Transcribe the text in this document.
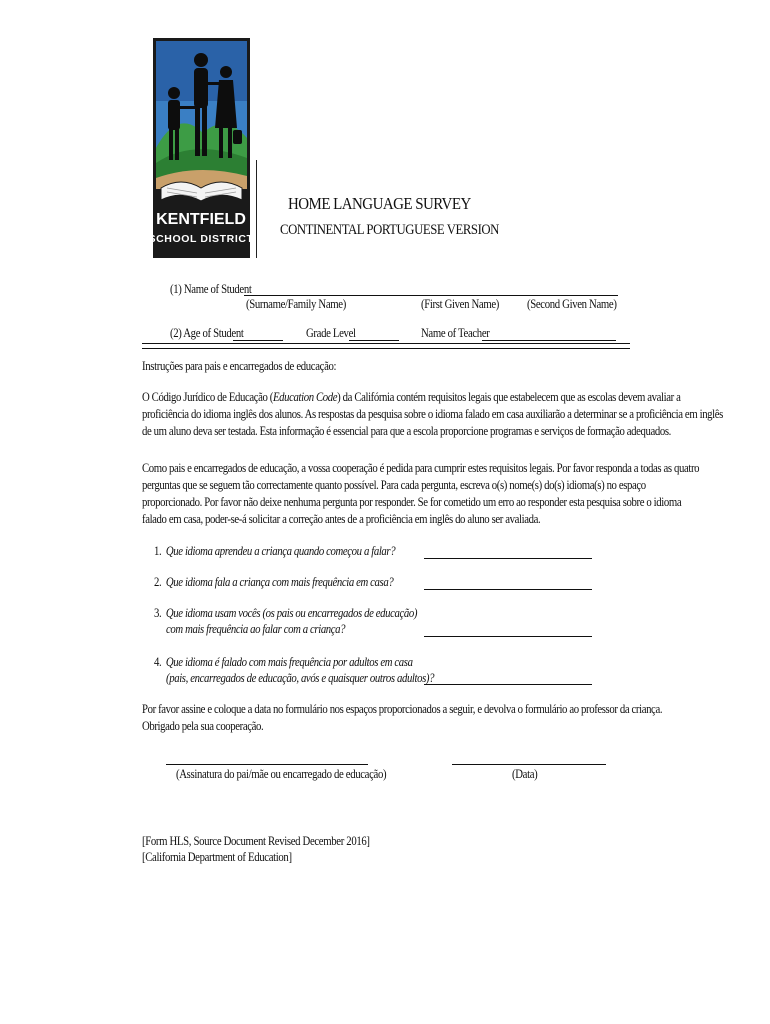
KENTFIELD
SCHOOL DISTRICT
HOME LANGUAGE SURVEY
CONTINENTAL PORTUGUESE VERSION
(1) Name of Student
(Surname/Family Name)	(First Given Name) (Second Given Name)
(2) Age of Student	Grade Level	Name of Teacher
Instruções para pais e encarregados de educação:
O Código Jurídico de Educação (Education Code) da Califórnia contém requisitos legais que estabelecem que as escolas devem avaliar a
proficiência do idioma inglês dos alunos. As respostas da pesquisa sobre o idioma falado em casa auxiliarão a determinar se a proficiência em inglês
de um aluno deva ser testada. Esta informação é essencial para que a escola proporcione programas e serviços de formação adequados.
Como pais e encarregados de educação, a vossa cooperação é pedida para cumprir estes requisitos legais. Por favor responda a todas as quatro
perguntas que se seguem tão correctamente quanto possível. Para cada pergunta, escreva o(s) nome(s) do(s) idioma(s) no espaço
proporcionado. Por favor não deixe nenhuma pergunta por responder. Se for cometido um erro ao responder esta pesquisa sobre o idioma
falado em casa, poder-se-á solicitar a correção antes de a proficiência em inglês do aluno ser avaliada.
1. Que idioma aprendeu a criança quando começou a falar?
2. Que idioma fala a criança com mais frequência em casa?
3. Que idioma usam vocês (os pais ou encarregados de educação)
com mais frequência ao falar com a criança?
4. Que idioma é falado com mais frequência por adultos em casa
(pais, encarregados de educação, avós e quaisquer outros adultos)?
Por favor assine e coloque a data no formulário nos espaços proporcionados a seguir, e devolva o formulário ao professor da criança.
Obrigado pela sua cooperação.
(Assinatura do pai/mãe ou encarregado de educação)	(Data)
[Form HLS, Source Document Revised December 2016]
[California Department of Education]
